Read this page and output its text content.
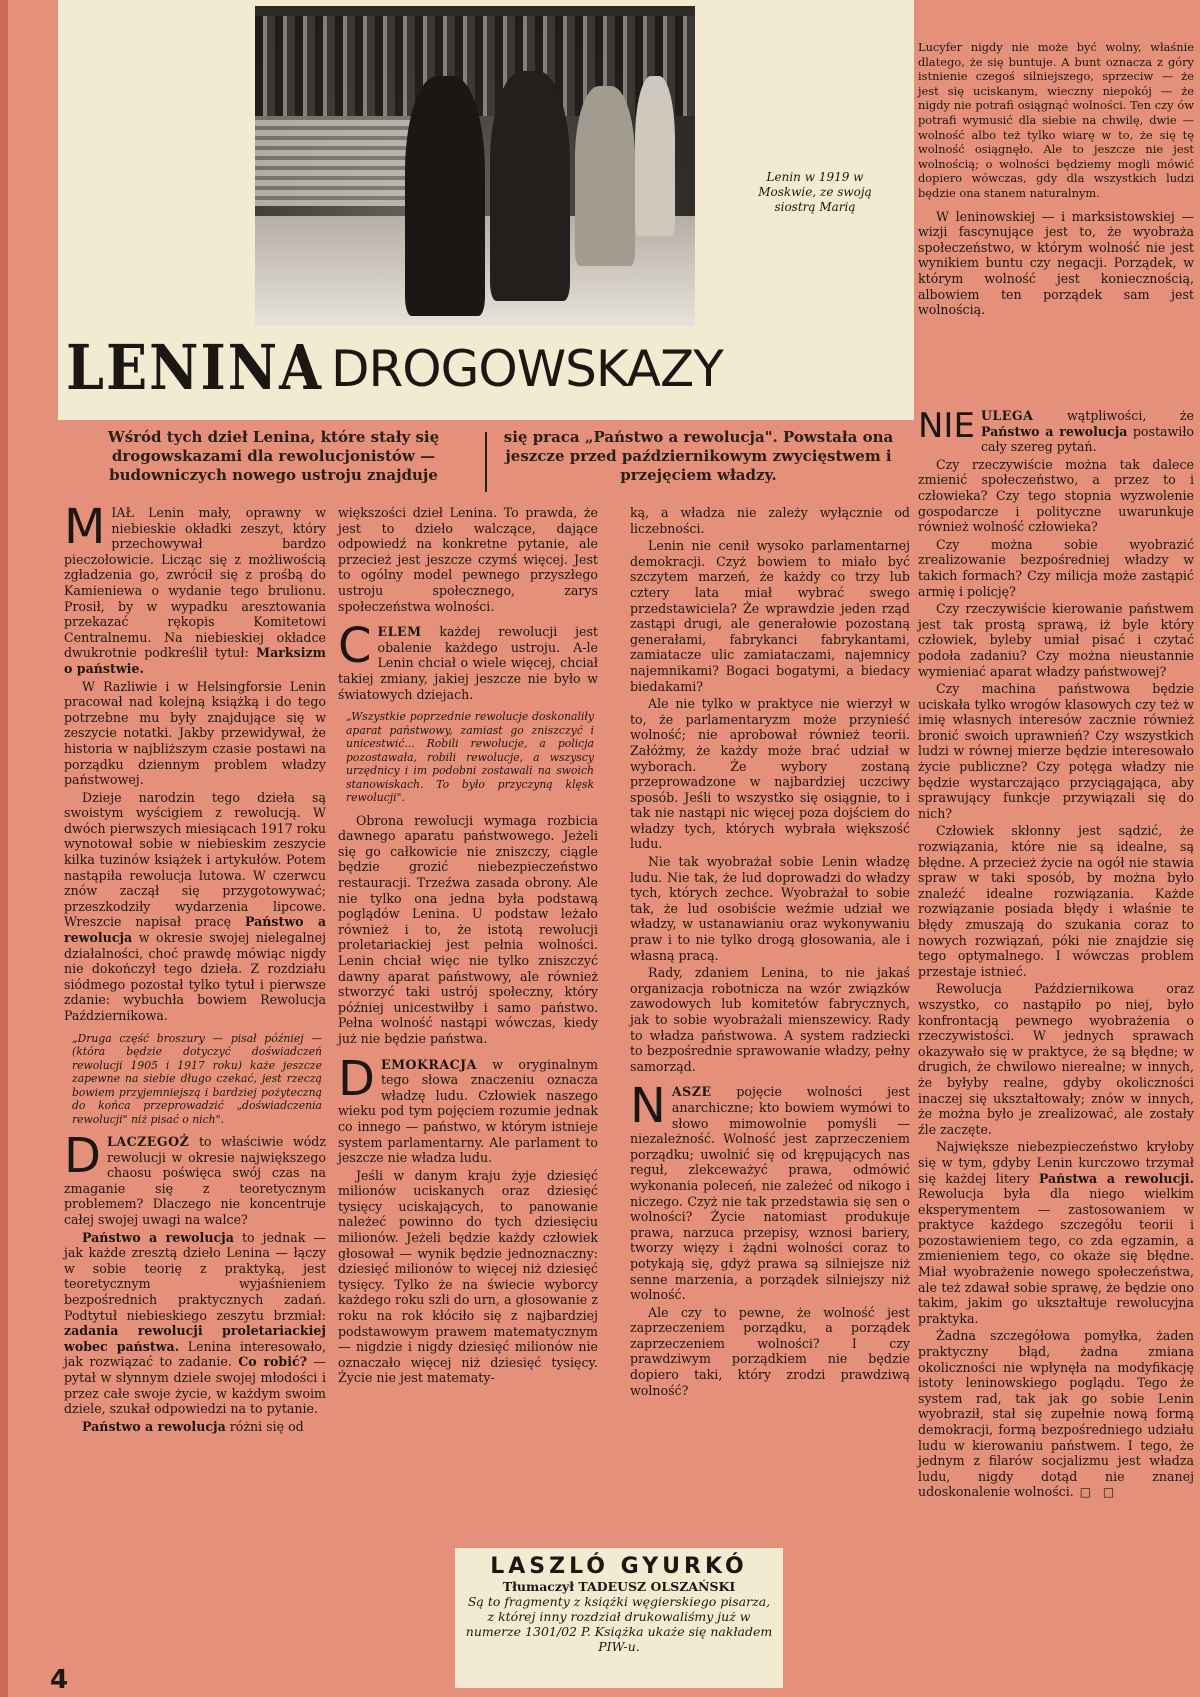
Lenin w 1919 w Moskwie, ze swoją siostrą Marią
LENINA DROGOWSKAZY
Wśród tych dzieł Lenina, które stały się drogowskazami dla rewolucjonistów — budowniczych nowego ustroju znajduje
się praca „Państwo a rewolucja". Powstała ona jeszcze przed październikowym zwycięstwem i przejęciem władzy.

MIAŁ Lenin mały, oprawny w niebieskie okładki zeszyt, który przechowywał bardzo pieczołowicie. Licząc się z możliwością zgładzenia go, zwrócił się z prośbą do Kamieniewa o wydanie tego brulionu. Prosił, by w wypadku aresztowania przekazać rękopis Komitetowi Centralnemu. Na niebieskiej okładce dwukrotnie podkreślił tytuł: Marksizm o państwie.

W Razliwie i w Helsingforsie Lenin pracował nad kolejną książką i do tego potrzebne mu były znajdujące się w zeszycie notatki. Jakby przewidywał, że historia w najbliższym czasie postawi na porządku dziennym problem władzy państwowej.

Dzieje narodzin tego dzieła są swoistym wyścigiem z rewolucją. W dwóch pierwszych miesiącach 1917 roku wynotował sobie w niebieskim zeszycie kilka tuzinów książek i artykułów. Potem nastąpiła rewolucja lutowa. W czerwcu znów zaczął się przygotowywać; przeszkodziły wydarzenia lipcowe. Wreszcie napisał pracę Państwo a rewolucja w okresie swojej nielegalnej działalności, choć prawdę mówiąc nigdy nie dokończył tego dzieła. Z rozdziału siódmego pozostał tylko tytuł i pierwsze zdanie: wybuchła bowiem Rewolucja Październikowa.

„Druga część broszury — pisał później — (która będzie dotyczyć doświadczeń rewolucji 1905 i 1917 roku) każe jeszcze zapewne na siebie długo czekać, jest rzeczą bowiem przyjemniejszą i bardziej pożyteczną do końca przeprowadzić „doświadczenia rewolucji" niż pisać o nich".

DLACZEGOŻ to właściwie wódz rewolucji w okresie największego chaosu poświęca swój czas na zmaganie się z teoretycznym problemem? Dlaczego nie koncentruje całej swojej uwagi na walce?

Państwo a rewolucja to jednak — jak każde zresztą dzieło Lenina — łączy w sobie teorię z praktyką, jest teoretycznym wyjaśnieniem bezpośrednich praktycznych zadań. Podtytuł niebieskiego zeszytu brzmiał: zadania rewolucji proletariackiej wobec państwa. Lenina interesowało, jak rozwiązać to zadanie. Co robić? — pytał w słynnym dziele swojej młodości i przez całe swoje życie, w każdym swoim dziele, szukał odpowiedzi na to pytanie.

Państwo a rewolucja różni się od

większości dzieł Lenina. To prawda, że jest to dzieło walczące, dające odpowiedź na konkretne pytanie, ale przecież jest jeszcze czymś więcej. Jest to ogólny model pewnego przyszłego ustroju społecznego, zarys społeczeństwa wolności.

CELEM każdej rewolucji jest obalenie każdego ustroju. A-le Lenin chciał o wiele więcej, chciał takiej zmiany, jakiej jeszcze nie było w światowych dziejach.

„Wszystkie poprzednie rewolucje doskonaliły aparat państwowy, zamiast go zniszczyć i unicestwić... Robili rewolucje, a policja pozostawała, robili rewolucje, a wszyscy urzędnicy i im podobni zostawali na swoich stanowiskach. To było przyczyną klęsk rewolucji".

Obrona rewolucji wymaga rozbicia dawnego aparatu państwowego. Jeżeli się go całkowicie nie zniszczy, ciągle będzie grozić niebezpieczeństwo restauracji. Trzeźwa zasada obrony. Ale nie tylko ona jedna była podstawą poglądów Lenina. U podstaw leżało również i to, że istotą rewolucji proletariackiej jest pełnia wolności. Lenin chciał więc nie tylko zniszczyć dawny aparat państwowy, ale również stworzyć taki ustrój społeczny, który później unicestwiłby i samo państwo. Pełna wolność nastąpi wówczas, kiedy już nie będzie państwa.

DEMOKRACJA w oryginalnym tego słowa znaczeniu oznacza władzę ludu. Człowiek naszego wieku pod tym pojęciem rozumie jednak co innego — państwo, w którym istnieje system parlamentarny. Ale parlament to jeszcze nie władza ludu.

Jeśli w danym kraju żyje dziesięć milionów uciskanych oraz dziesięć tysięcy uciskających, to panowanie należeć powinno do tych dziesięciu milionów. Jeżeli będzie każdy człowiek głosował — wynik będzie jednoznaczny: dziesięć milionów to więcej niż dziesięć tysięcy. Tylko że na świecie wyborcy każdego roku szli do urn, a głosowanie z roku na rok kłóciło się z najbardziej podstawowym prawem matematycznym — nigdzie i nigdy dziesięć milionów nie oznaczało więcej niż dziesięć tysięcy. Życie nie jest matematy-

ką, a władza nie zależy wyłącznie od liczebności.

Lenin nie cenił wysoko parlamentarnej demokracji. Czyż bowiem to miało być szczytem marzeń, że każdy co trzy lub cztery lata miał wybrać swego przedstawiciela? Że wprawdzie jeden rząd zastąpi drugi, ale generałowie pozostaną generałami, fabrykanci fabrykantami, zamiatacze ulic zamiataczami, najemnicy najemnikami? Bogaci bogatymi, a biedacy biedakami?

Ale nie tylko w praktyce nie wierzył w to, że parlamentaryzm może przynieść wolność; nie aprobował również teorii. Załóżmy, że każdy może brać udział w wyborach. Że wybory zostaną przeprowadzone w najbardziej uczciwy sposób. Jeśli to wszystko się osiągnie, to i tak nie nastąpi nic więcej poza dojściem do władzy tych, których wybrała większość ludu.

Nie tak wyobrażał sobie Lenin władzę ludu. Nie tak, że lud doprowadzi do władzy tych, których zechce. Wyobrażał to sobie tak, że lud osobiście weźmie udział we władzy, w ustanawianiu oraz wykonywaniu praw i to nie tylko drogą głosowania, ale i własną pracą.

Rady, zdaniem Lenina, to nie jakaś organizacja robotnicza na wzór związków zawodowych lub komitetów fabrycznych, jak to sobie wyobrażali mienszewicy. Rady to władza państwowa. A system radziecki to bezpośrednie sprawowanie władzy, pełny samorząd.

NASZE pojęcie wolności jest anarchiczne; kto bowiem wymówi to słowo mimowolnie pomyśli — niezależność. Wolność jest zaprzeczeniem porządku; uwolnić się od krępujących nas reguł, zlekceważyć prawa, odmówić wykonania poleceń, nie zależeć od nikogo i niczego. Czyż nie tak przedstawia się sen o wolności? Życie natomiast produkuje prawa, narzuca przepisy, wznosi bariery, tworzy więzy i żądni wolności coraz to potykają się, gdyż prawa są silniejsze niż senne marzenia, a porządek silniejszy niż wolność.

Ale czy to pewne, że wolność jest zaprzeczeniem porządku, a porządek zaprzeczeniem wolności? I czy prawdziwym porządkiem nie będzie dopiero taki, który zrodzi prawdziwą wolność?

Lucyfer nigdy nie może być wolny, właśnie dlatego, że się buntuje. A bunt oznacza z góry istnienie czegoś silniejszego, sprzeciw — że jest się uciskanym, wieczny niepokój — że nigdy nie potrafi osiągnąć wolności. Ten czy ów potrafi wymusić dla siebie na chwilę, dwie — wolność albo też tylko wiarę w to, że się tę wolność osiągnęło. Ale to jeszcze nie jest wolnością; o wolności będziemy mogli mówić dopiero wówczas, gdy dla wszystkich ludzi będzie ona stanem naturalnym.

W leninowskiej — i marksistowskiej — wizji fascynujące jest to, że wyobraża społeczeństwo, w którym wolność nie jest wynikiem buntu czy negacji. Porządek, w którym wolność jest koniecznością, albowiem ten porządek sam jest wolnością.

NIE ULEGA	wątpliwości, że Państwo a rewolucja postawiło cały szereg pytań.

Czy rzeczywiście można tak dalece zmienić społeczeństwo, a przez to i człowieka? Czy tego stopnia wyzwolenie gospodarcze i polityczne uwarunkuje również wolność człowieka?

Czy można sobie wyobrazić zrealizowanie bezpośredniej władzy w takich formach? Czy milicja może zastąpić armię i policję?

Czy rzeczywiście kierowanie państwem jest tak prostą sprawą, iż byle który człowiek, byleby umiał pisać i czytać podoła zadaniu? Czy można nieustannie wymieniać aparat władzy państwowej?

Czy machina państwowa będzie uciskała tylko wrogów klasowych czy też w imię własnych interesów zacznie również bronić swoich uprawnień? Czy wszystkich ludzi w równej mierze będzie interesowało życie publiczne? Czy potęga władzy nie będzie wystarczająco przyciągająca, aby sprawujący funkcje przywiązali się do nich?

Człowiek skłonny jest sądzić, że rozwiązania, które nie są idealne, są błędne. A przecież życie na ogół nie stawia spraw w taki sposób, by można było znaleźć idealne rozwiązania. Każde rozwiązanie posiada błędy i właśnie te błędy zmuszają do szukania coraz to nowych rozwiązań, póki nie znajdzie się tego optymalnego. I wówczas problem przestaje istnieć.

Rewolucja Październikowa oraz wszystko, co nastąpiło po niej, było konfrontacją pewnego wyobrażenia o rzeczywistości. W jednych sprawach okazywało się w praktyce, że są błędne; w drugich, że chwilowo nierealne; w innych, że byłyby realne, gdyby okoliczności inaczej się ukształtowały; znów w innych, że można było je zrealizować, ale zostały źle zaczęte.

Największe niebezpieczeństwo kryłoby się w tym, gdyby Lenin kurczowo trzymał się każdej litery Państwa a rewolucji. Rewolucja była dla niego wielkim eksperymentem — zastosowaniem w praktyce każdego szczegółu teorii i pozostawieniem tego, co zda egzamin, a zmienieniem tego, co okaże się błędne. Miał wyobrażenie nowego społeczeństwa, ale też zdawał sobie sprawę, że będzie ono takim, jakim go ukształtuje rewolucyjna praktyka.

Żadna szczegółowa pomyłka, żaden praktyczny błąd, żadna zmiana okoliczności nie wpłynęła na modyfikację istoty leninowskiego poglądu. Tego że system rad, tak jak go sobie Lenin wyobraził, stał się zupełnie nową formą demokracji, formą bezpośredniego udziału ludu w kierowaniu państwem. I tego, że jednym z filarów socjalizmu jest władza ludu, nigdy dotąd nie znanej udoskonalenie wolności. □ □

LASZLÓ GYURKÓ
Tłumaczył TADEUSZ OLSZAŃSKI
Są to fragmenty z książki węgierskiego pisarza, z której inny rozdział drukowaliśmy już w numerze 1301/02 P. Książka ukaże się nakładem PIW-u.
4
